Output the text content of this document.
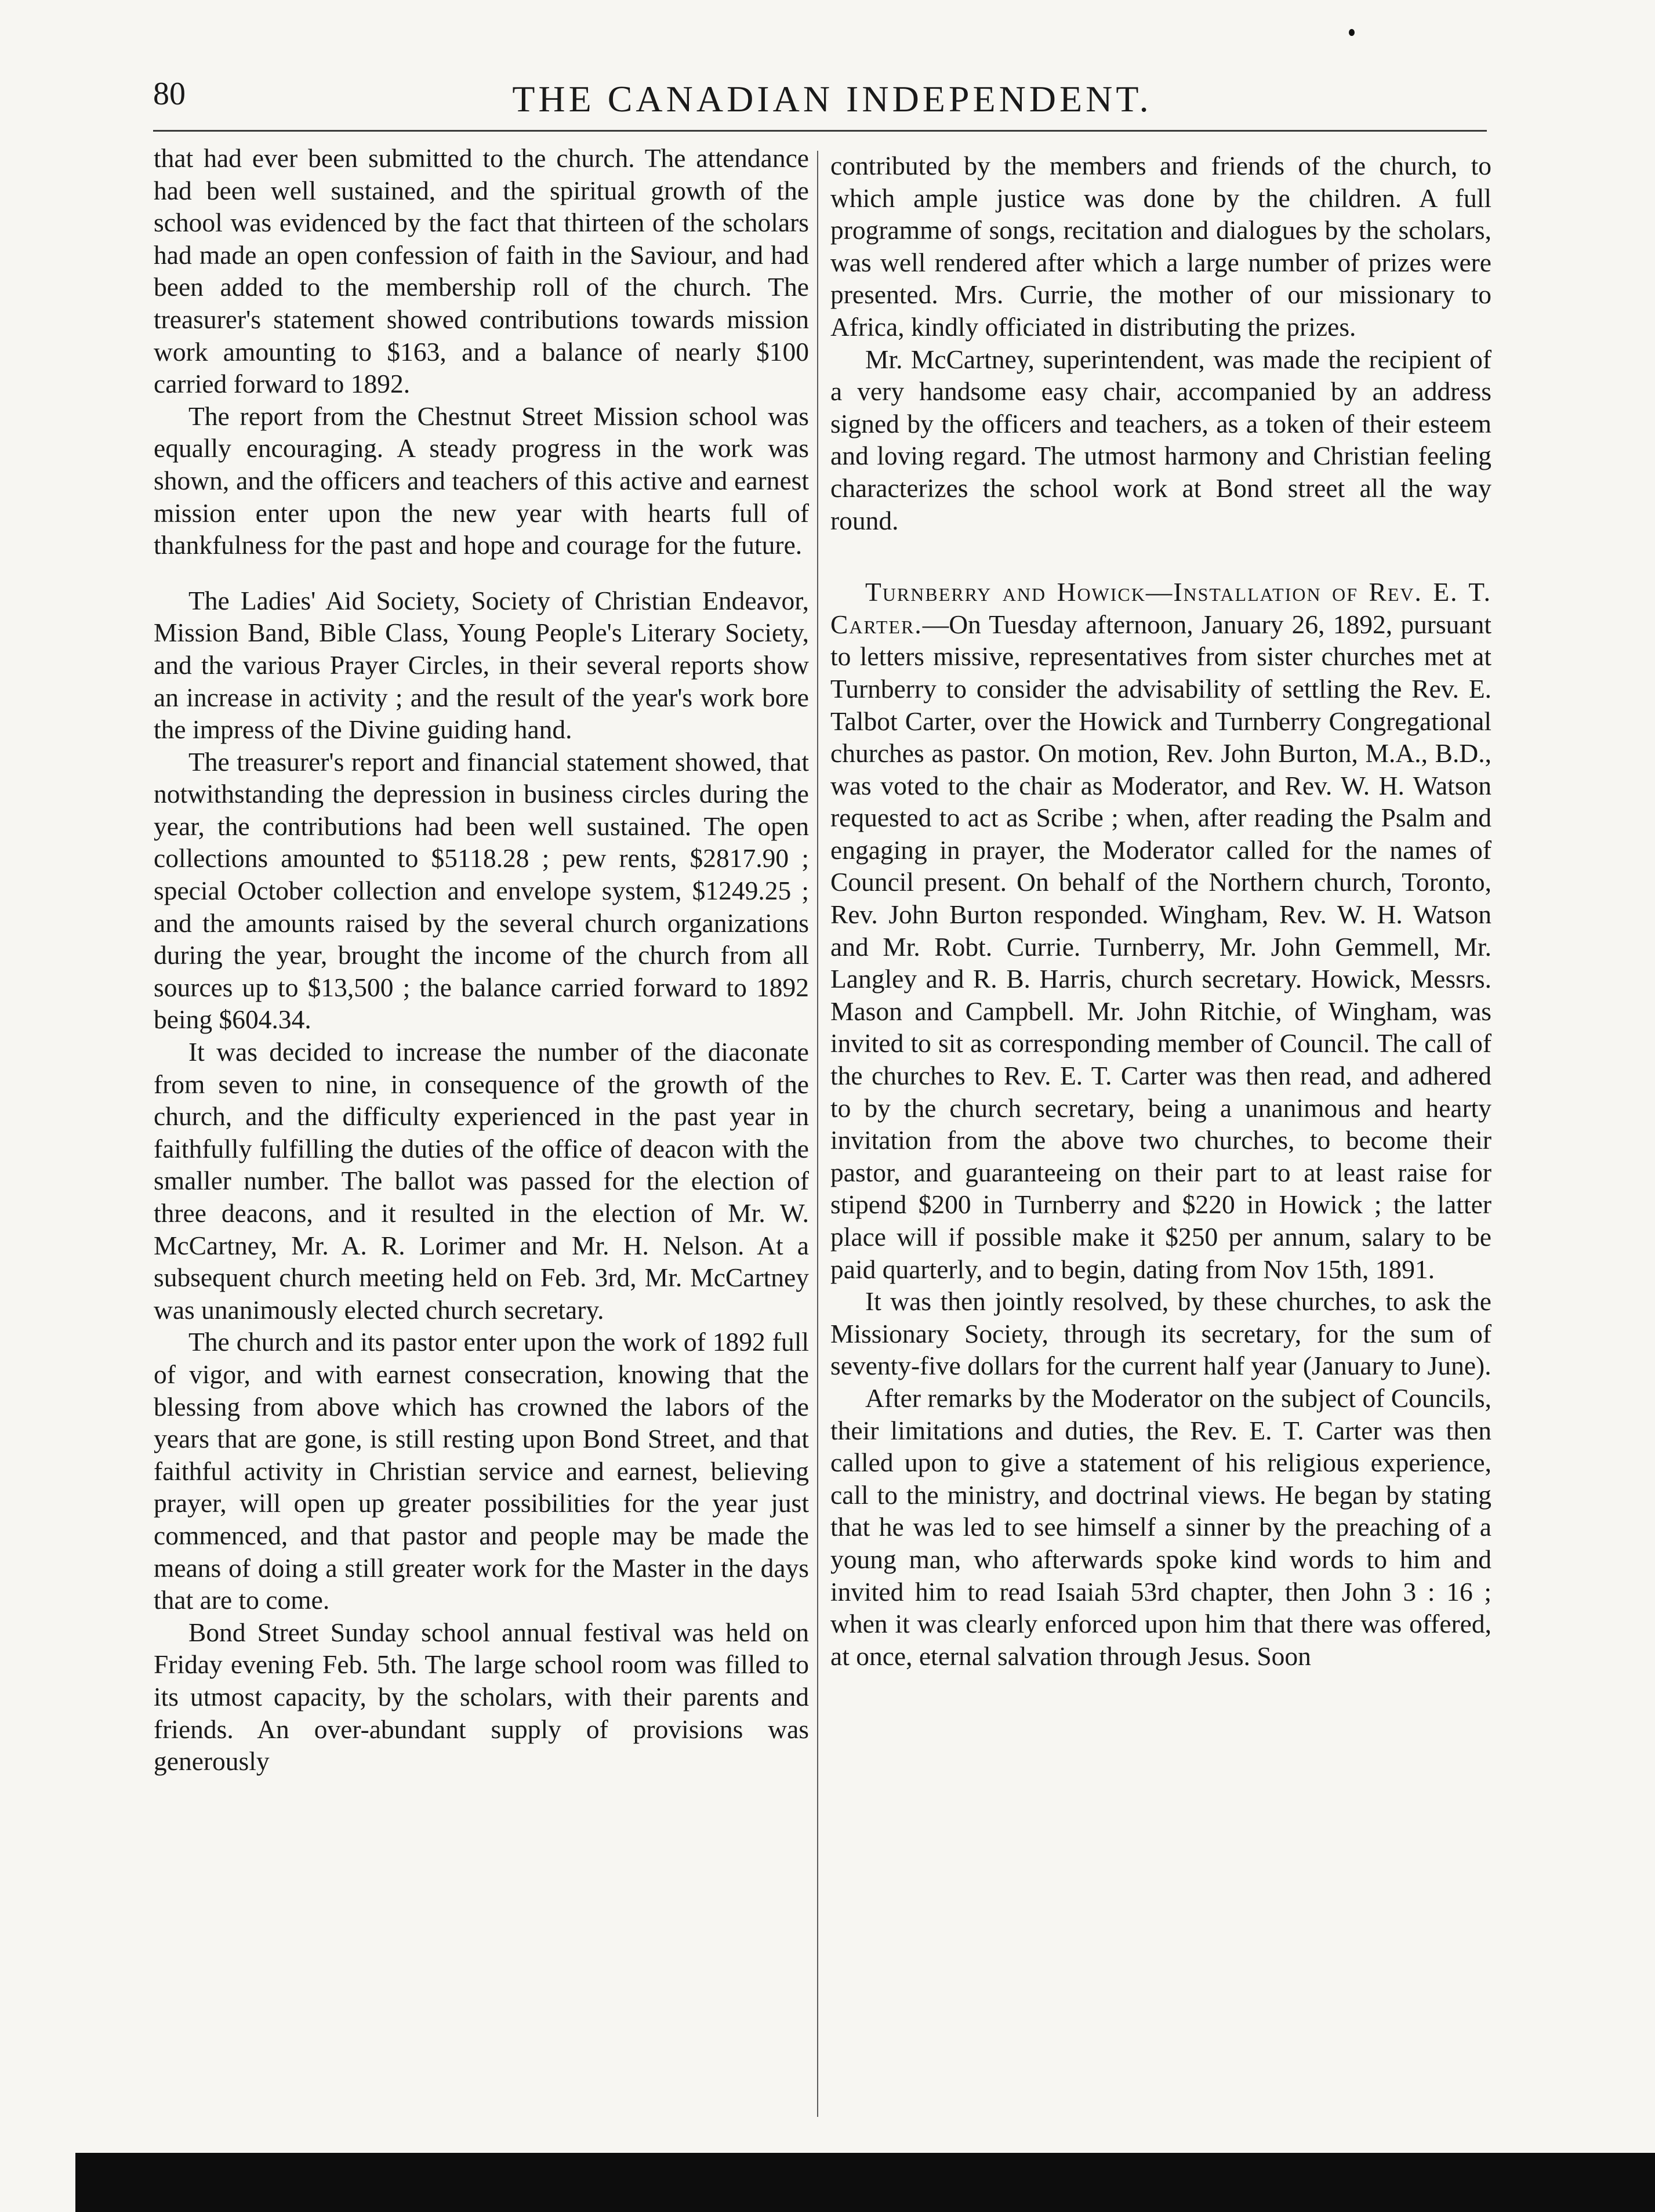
80	THE CANADIAN INDEPENDENT.

that had ever been submitted to the church. The attendance had been well sustained, and the spiritual growth of the school was evidenced by the fact that thirteen of the scholars had made an open confession of faith in the Saviour, and had been added to the membership roll of the church. The treasurer's statement showed contributions towards mission work amounting to $163, and a balance of nearly $100 carried forward to 1892.

The report from the Chestnut Street Mission school was equally encouraging. A steady progress in the work was shown, and the officers and teachers of this active and earnest mission enter upon the new year with hearts full of thankfulness for the past and hope and courage for the future.

The Ladies' Aid Society, Society of Christian Endeavor, Mission Band, Bible Class, Young People's Literary Society, and the various Prayer Circles, in their several reports show an increase in activity ; and the result of the year's work bore the impress of the Divine guiding hand.

The treasurer's report and financial statement showed, that notwithstanding the depression in business circles during the year, the contributions had been well sustained. The open collections amounted to $5118.28 ; pew rents, $2817.90 ; special October collection and envelope system, $1249.25 ; and the amounts raised by the several church organizations during the year, brought the income of the church from all sources up to $13,500 ; the balance carried forward to 1892 being $604.34.

It was decided to increase the number of the diaconate from seven to nine, in consequence of the growth of the church, and the difficulty experienced in the past year in faithfully fulfilling the duties of the office of deacon with the smaller number. The ballot was passed for the election of three deacons, and it resulted in the election of Mr. W. McCartney, Mr. A. R. Lorimer and Mr. H. Nelson. At a subsequent church meeting held on Feb. 3rd, Mr. McCartney was unanimously elected church secretary.

The church and its pastor enter upon the work of 1892 full of vigor, and with earnest consecration, knowing that the blessing from above which has crowned the labors of the years that are gone, is still resting upon Bond Street, and that faithful activity in Christian service and earnest, believing prayer, will open up greater possibilities for the year just commenced, and that pastor and people may be made the means of doing a still greater work for the Master in the days that are to come.

Bond Street Sunday school annual festival was held on Friday evening Feb. 5th. The large school room was filled to its utmost capacity, by the scholars, with their parents and friends. An over-abundant supply of provisions was generously

contributed by the members and friends of the church, to which ample justice was done by the children. A full programme of songs, recitation and dialogues by the scholars, was well rendered after which a large number of prizes were presented. Mrs. Currie, the mother of our missionary to Africa, kindly officiated in distributing the prizes.

Mr. McCartney, superintendent, was made the recipient of a very handsome easy chair, accompanied by an address signed by the officers and teachers, as a token of their esteem and loving regard. The utmost harmony and Christian feeling characterizes the school work at Bond street all the way round.

Turnberry and Howick—Installation of Rev. E. T. Carter.—On Tuesday afternoon, January 26, 1892, pursuant to letters missive, representatives from sister churches met at Turnberry to consider the advisability of settling the Rev. E. Talbot Carter, over the Howick and Turnberry Congregational churches as pastor. On motion, Rev. John Burton, M.A., B.D., was voted to the chair as Moderator, and Rev. W. H. Watson requested to act as Scribe ; when, after reading the Psalm and engaging in prayer, the Moderator called for the names of Council present. On behalf of the Northern church, Toronto, Rev. John Burton responded. Wingham, Rev. W. H. Watson and Mr. Robt. Currie. Turnberry, Mr. John Gemmell, Mr. Langley and R. B. Harris, church secretary. Howick, Messrs. Mason and Campbell. Mr. John Ritchie, of Wingham, was invited to sit as corresponding member of Council. The call of the churches to Rev. E. T. Carter was then read, and adhered to by the church secretary, being a unanimous and hearty invitation from the above two churches, to become their pastor, and guaranteeing on their part to at least raise for stipend $200 in Turnberry and $220 in Howick ; the latter place will if possible make it $250 per annum, salary to be paid quarterly, and to begin, dating from Nov 15th, 1891.

It was then jointly resolved, by these churches, to ask the Missionary Society, through its secretary, for the sum of seventy-five dollars for the current half year (January to June).

After remarks by the Moderator on the subject of Councils, their limitations and duties, the Rev. E. T. Carter was then called upon to give a statement of his religious experience, call to the ministry, and doctrinal views. He began by stating that he was led to see himself a sinner by the preaching of a young man, who afterwards spoke kind words to him and invited him to read Isaiah 53rd chapter, then John 3 : 16 ; when it was clearly enforced upon him that there was offered, at once, eternal salvation through Jesus. Soon
